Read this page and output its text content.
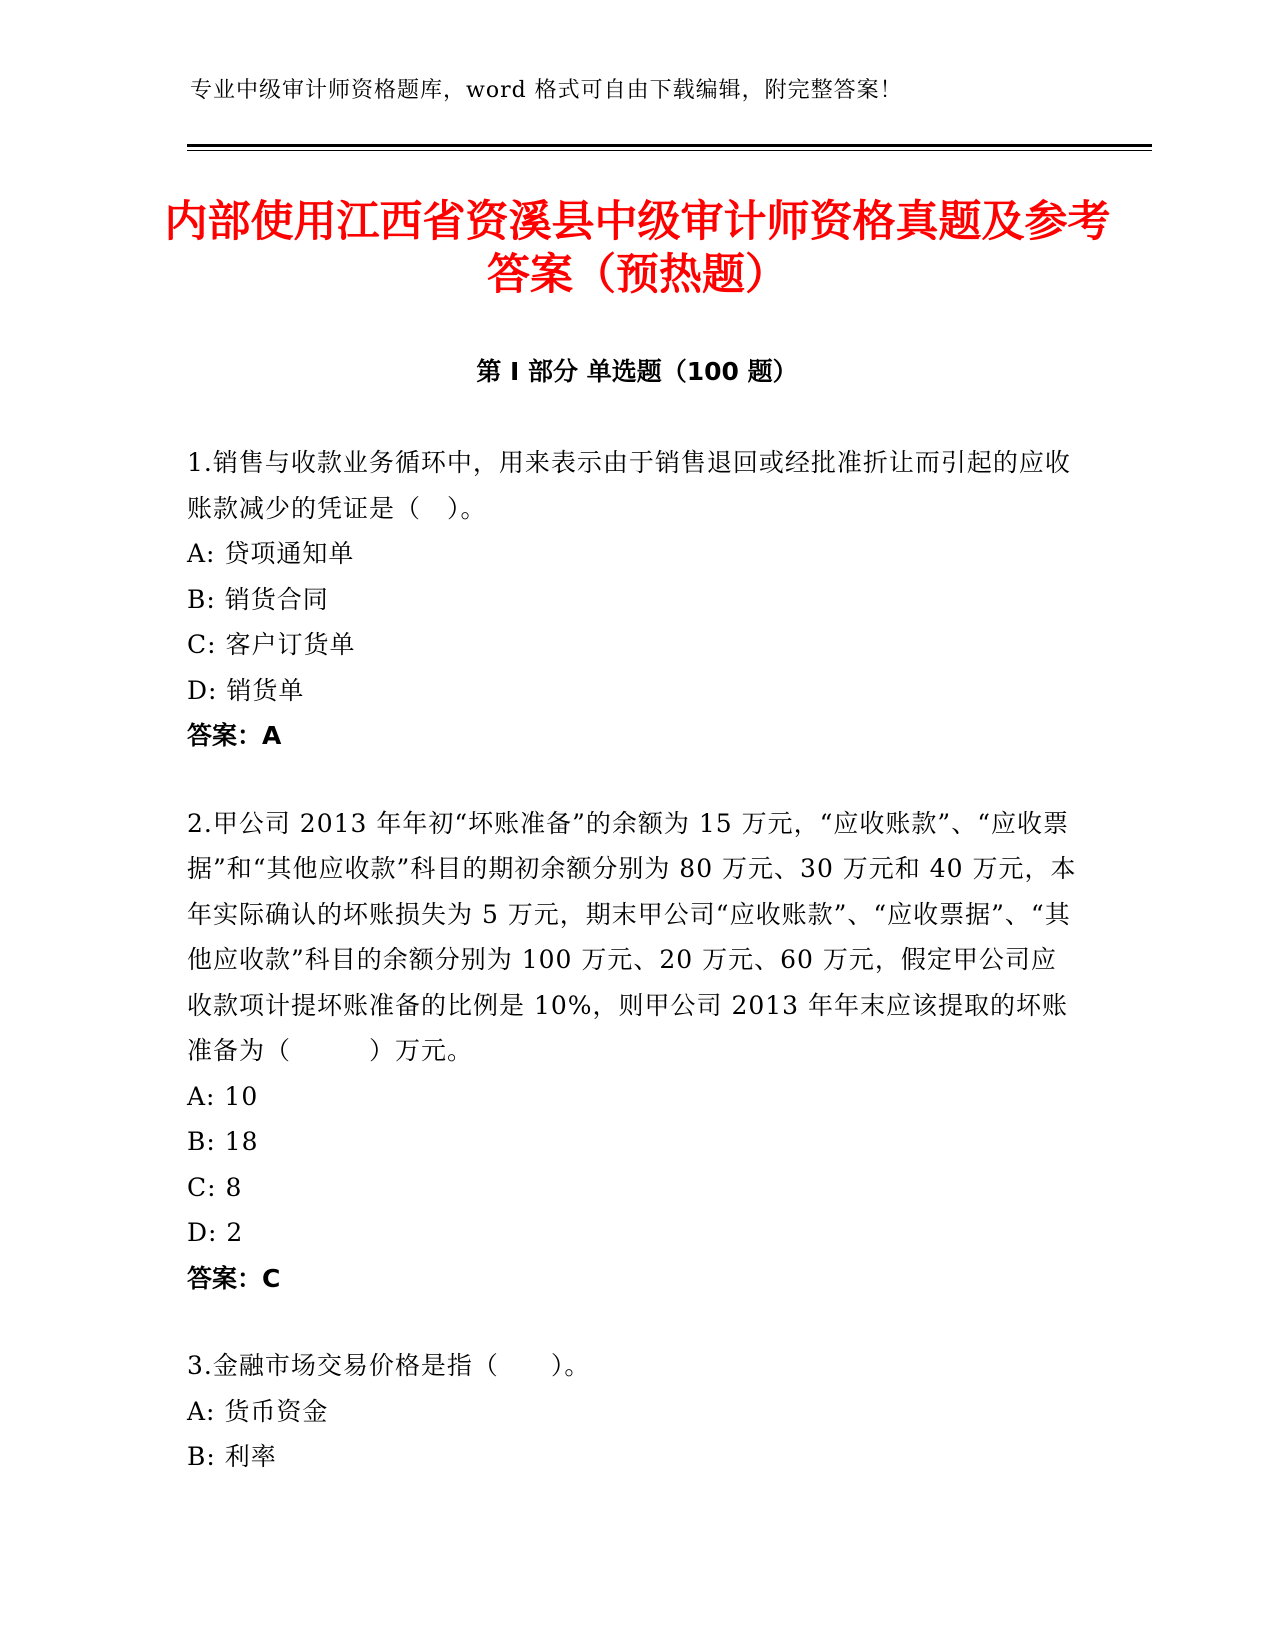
专业中级审计师资格题库，word 格式可自由下载编辑，附完整答案！
内部使用江西省资溪县中级审计师资格真题及参考答案（预热题）
第 I 部分 单选题（100 题）

1.销售与收款业务循环中，用来表示由于销售退回或经批准折让而引起的应收账款减少的凭证是（　）。

A: 贷项通知单

B: 销货合同

C: 客户订货单

D: 销货单

答案：A

2.甲公司 2013 年年初“坏账准备”的余额为 15 万元，“应收账款”、“应收票据”和“其他应收款”科目的期初余额分别为 80 万元、30 万元和 40 万元，本年实际确认的坏账损失为 5 万元，期末甲公司“应收账款”、“应收票据”、“其他应收款”科目的余额分别为 100 万元、20 万元、60 万元，假定甲公司应收款项计提坏账准备的比例是 10%，则甲公司 2013 年年末应该提取的坏账准备为（　　　）万元。

A: 10

B: 18

C: 8

D: 2

答案：C

3.金融市场交易价格是指（　　）。

A: 货币资金

B: 利率
